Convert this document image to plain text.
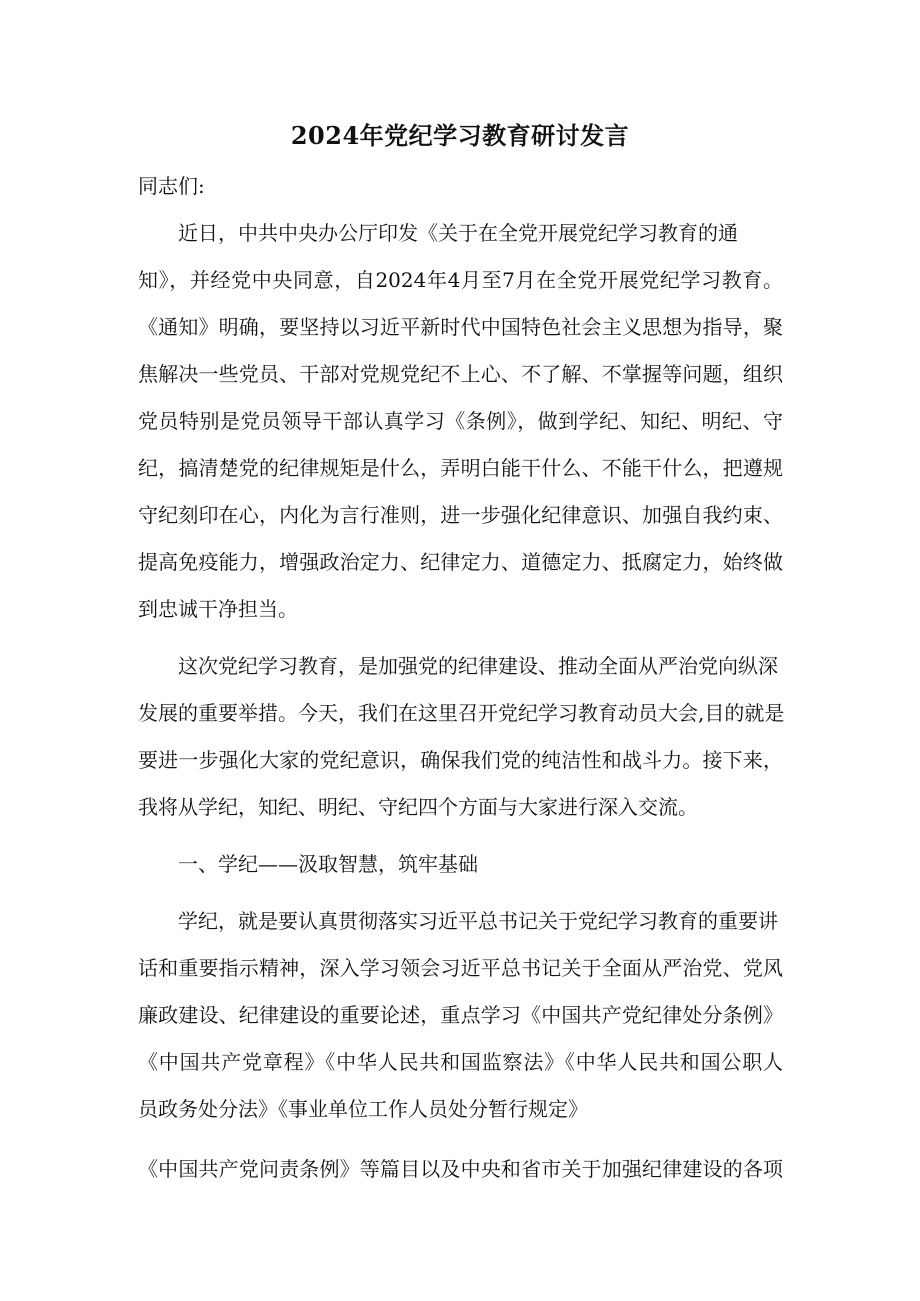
2024年党纪学习教育研讨发言
同志们:
近日，中共中央办公厅印发《关于在全党开展党纪学习教育的通
知》，并经党中央同意，自2024年4月至7月在全党开展党纪学习教育。
《通知》明确，要坚持以习近平新时代中国特色社会主义思想为指导，聚
焦解决一些党员、干部对党规党纪不上心、不了解、不掌握等问题，组织
党员特别是党员领导干部认真学习《条例》，做到学纪、知纪、明纪、守
纪，搞清楚党的纪律规矩是什么，弄明白能干什么、不能干什么，把遵规
守纪刻印在心，内化为言行准则，进一步强化纪律意识、加强自我约束、
提高免疫能力，增强政治定力、纪律定力、道德定力、抵腐定力，始终做
到忠诚干净担当。
这次党纪学习教育，是加强党的纪律建设、推动全面从严治党向纵深
发展的重要举措。今天，我们在这里召开党纪学习教育动员大会,目的就是
要进一步强化大家的党纪意识，确保我们党的纯洁性和战斗力。接下来，
我将从学纪，知纪、明纪、守纪四个方面与大家进行深入交流。
一、学纪——汲取智慧，筑牢基础
学纪，就是要认真贯彻落实习近平总书记关于党纪学习教育的重要讲
话和重要指示精神，深入学习领会习近平总书记关于全面从严治党、党风
廉政建设、纪律建设的重要论述，重点学习《中国共产党纪律处分条例》
《中国共产党章程》《中华人民共和国监察法》《中华人民共和国公职人
员政务处分法》《事业单位工作人员处分暂行规定》
《中国共产党问责条例》等篇目以及中央和省市关于加强纪律建设的各项
